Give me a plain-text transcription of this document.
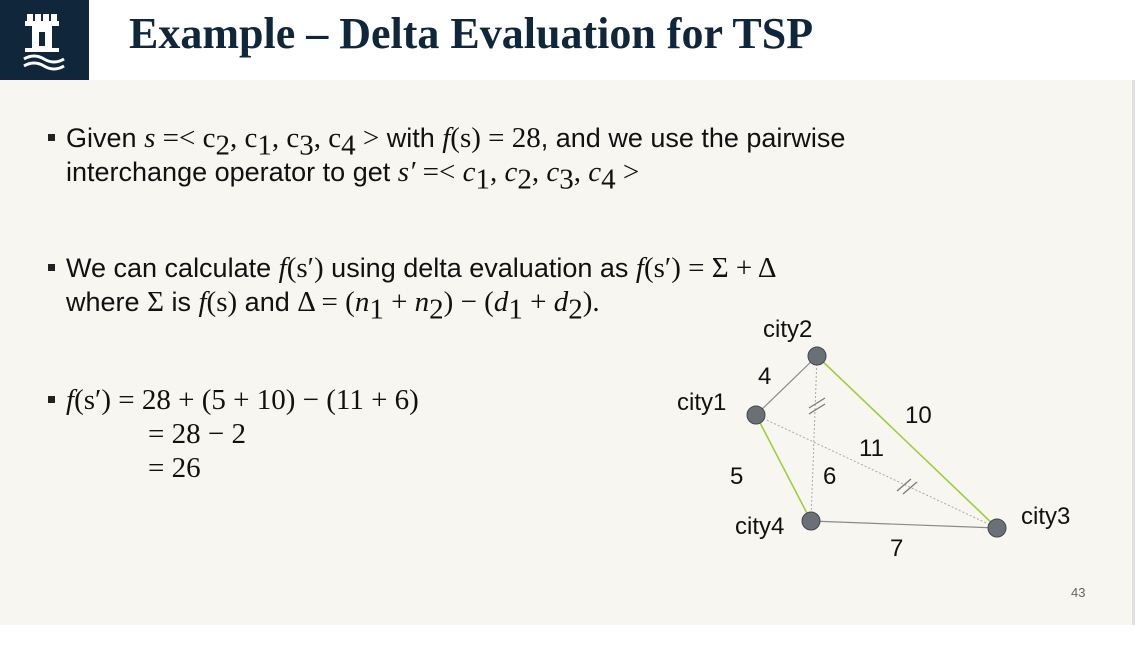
Example – Delta Evaluation for TSP
Given $s =< c_2$, $c_1$, $c_3$, $c_4$ > with f(s) = 28, and we use the pairwise
interchange operator to get $s' =< c_1$, $c_2$, $c_3$, $c_4$ >
We can calculate f(s′) using delta evaluation as f(s′) = Σ + Δ
where Σ is f(s) and $\Delta = (n_1 + n_2) - (d_1 + d_2)$.
f(s′) = 28 + (5 + 10) − (11 + 6)
= 28 − 2
= 26
city2
city1
city4	city3
4
10
11
5	6
7
43
